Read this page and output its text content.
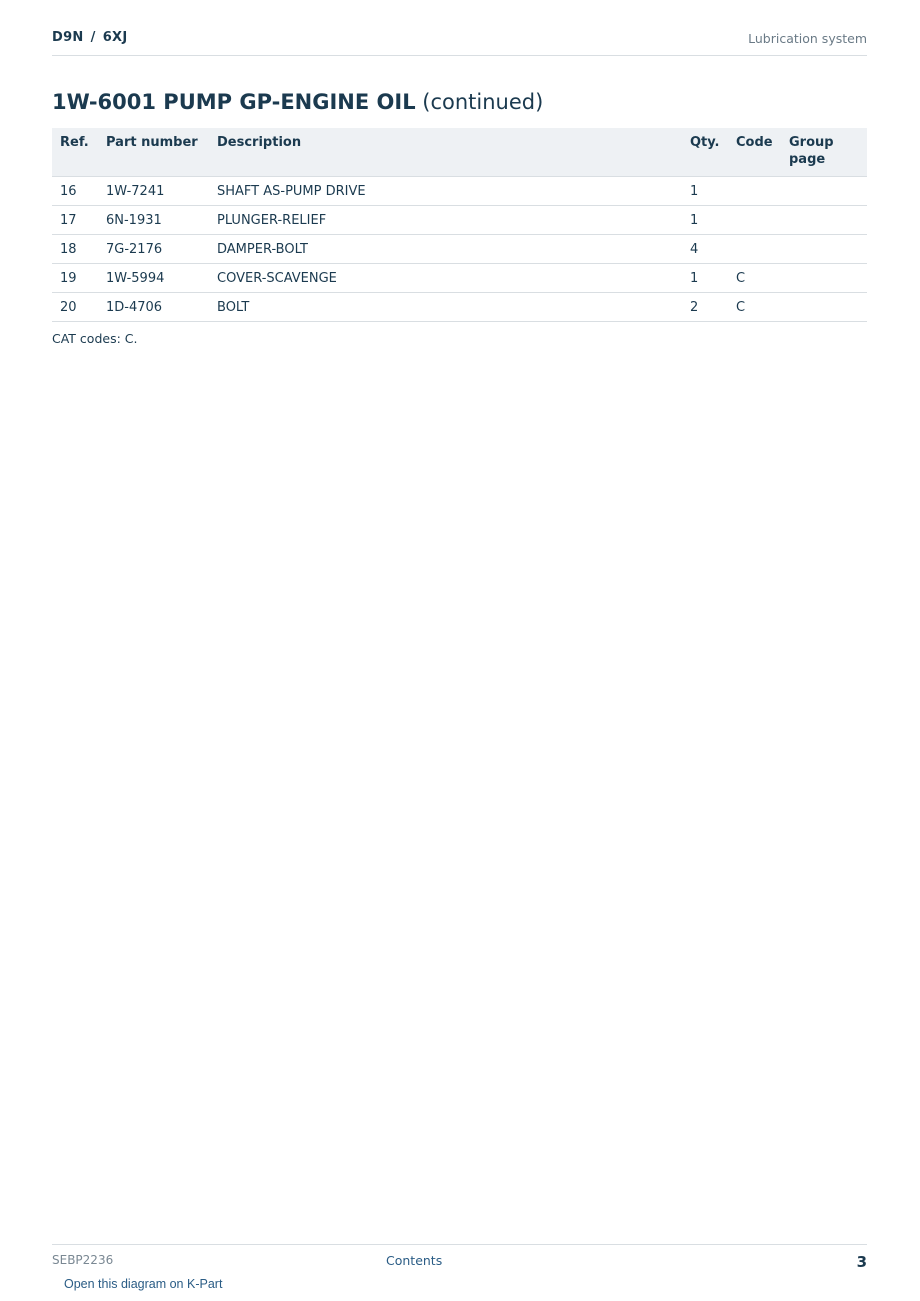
D9N / 6XJ	Lubrication system
1W-6001 PUMP GP-ENGINE OIL (continued)
Ref.	Part number	Description	Qty.	Code	Group page
16	1W-7241	SHAFT AS-PUMP DRIVE	1		
17	6N-1931	PLUNGER-RELIEF	1		
18	7G-2176	DAMPER-BOLT	4		
19	1W-5994	COVER-SCAVENGE	1	C	
20	1D-4706	BOLT	2	C	
CAT codes: C.
SEBP2236	Contents	3
Open this diagram on K-Part
